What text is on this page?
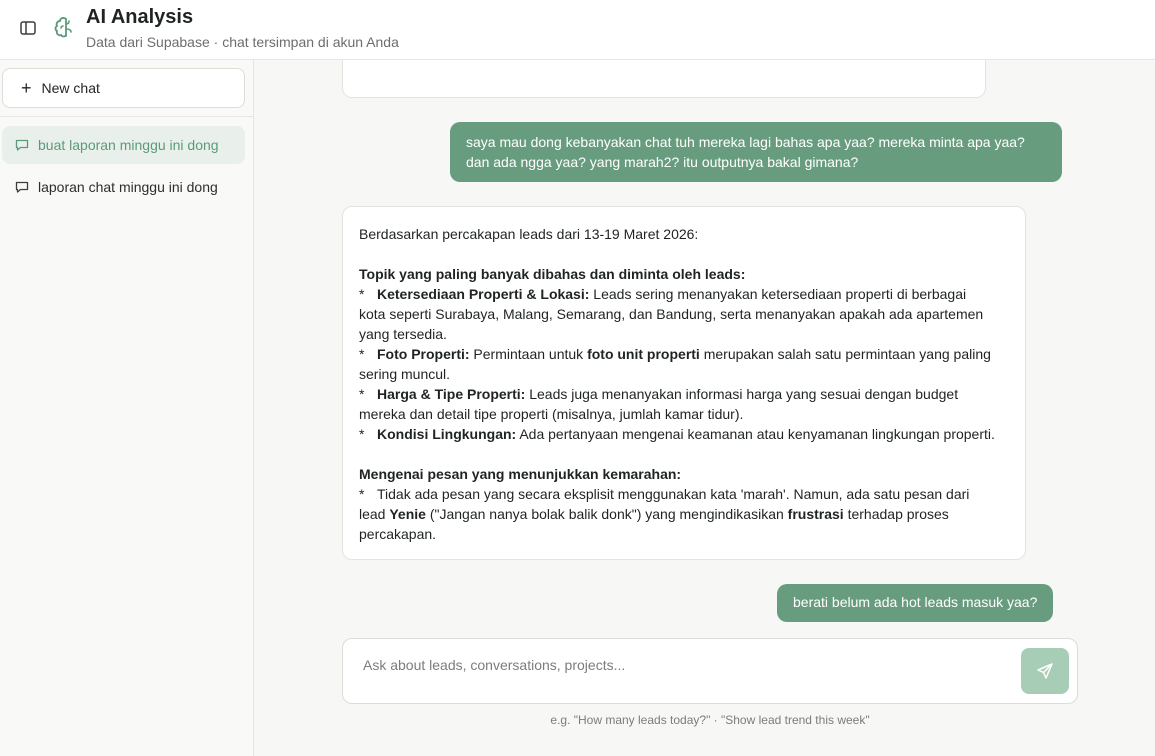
AI Analysis
Data dari Supabase · chat tersimpan di akun Anda
+ New chat
buat laporan minggu ini dong
laporan chat minggu ini dong
saya mau dong kebanyakan chat tuh mereka lagi bahas apa yaa? mereka minta apa yaa?
dan ada ngga yaa? yang marah2? itu outputnya bakal gimana?

Berdasarkan percakapan leads dari 13-19 Maret 2026:

Topik yang paling banyak dibahas dan diminta oleh leads:

* Ketersediaan Properti & Lokasi: Leads sering menanyakan ketersediaan properti di berbagai

kota seperti Surabaya, Malang, Semarang, dan Bandung, serta menanyakan apakah ada apartemen

yang tersedia.

* Foto Properti: Permintaan untuk foto unit properti merupakan salah satu permintaan yang paling

sering muncul.

* Harga & Tipe Properti: Leads juga menanyakan informasi harga yang sesuai dengan budget

mereka dan detail tipe properti (misalnya, jumlah kamar tidur).

* Kondisi Lingkungan: Ada pertanyaan mengenai keamanan atau kenyamanan lingkungan properti.

Mengenai pesan yang menunjukkan kemarahan:

* Tidak ada pesan yang secara eksplisit menggunakan kata 'marah'. Namun, ada satu pesan dari

lead Yenie ("Jangan nanya bolak balik donk") yang mengindikasikan frustrasi terhadap proses

percakapan.

berati belum ada hot leads masuk yaa?
Ask about leads, conversations, projects...
e.g. "How many leads today?" · "Show lead trend this week"
